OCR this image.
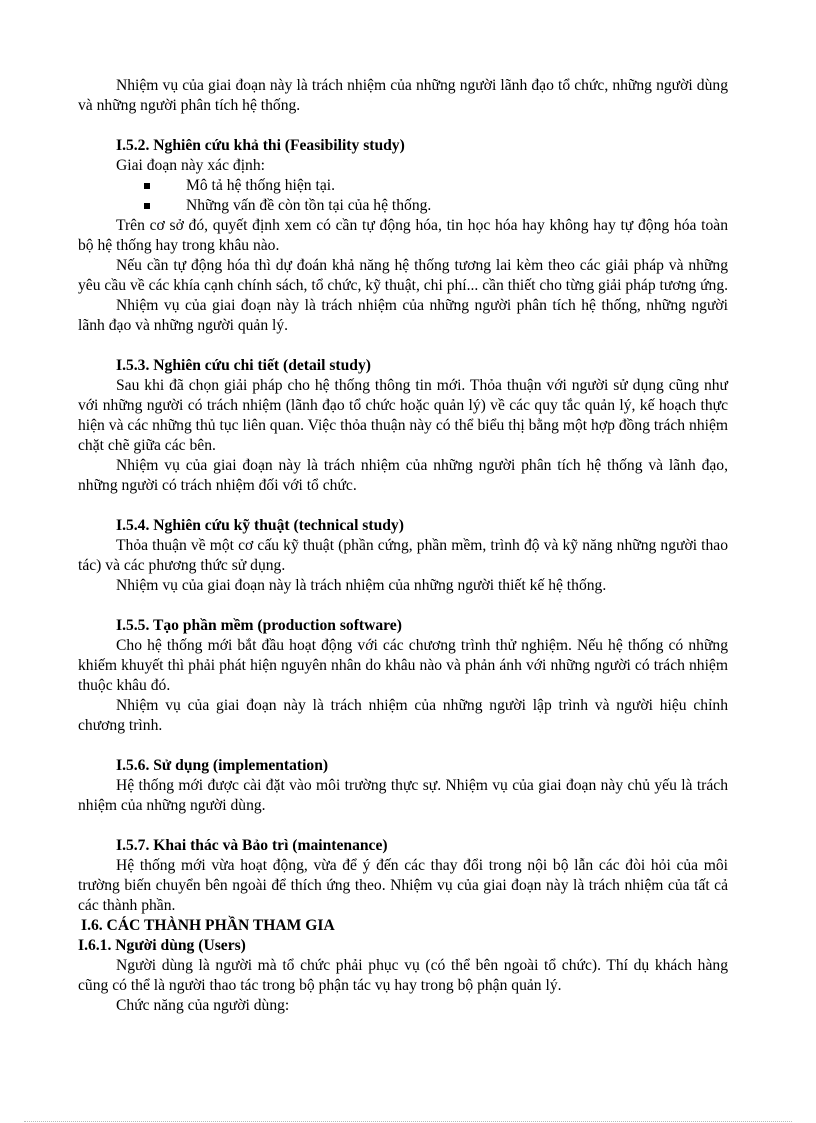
Nhiệm vụ của giai đoạn này là trách nhiệm của những người lãnh đạo tổ chức, những người dùng và những người phân tích hệ thống.

I.5.2. Nghiên cứu khả thi (Feasibility study)

Giai đoạn này xác định:

Mô tả hệ thống hiện tại.
Những vấn đề còn tồn tại của hệ thống.

Trên cơ sở đó, quyết định xem có cần tự động hóa, tin học hóa hay không hay tự động hóa toàn bộ hệ thống hay trong khâu nào.

Nếu cần tự động hóa thì dự đoán khả năng hệ thống tương lai kèm theo các giải pháp và những yêu cầu về các khía cạnh chính sách, tổ chức, kỹ thuật, chi phí... cần thiết cho từng giải pháp tương ứng.

Nhiệm vụ của giai đoạn này là trách nhiệm của những người phân tích hệ thống, những người lãnh đạo và những người quản lý.

I.5.3. Nghiên cứu chi tiết (detail study)

Sau khi đã chọn giải pháp cho hệ thống thông tin mới. Thỏa thuận với người sử dụng cũng như với những người có trách nhiệm (lãnh đạo tổ chức hoặc quản lý) về các quy tắc quản lý, kế hoạch thực hiện và các những thủ tục liên quan. Việc thỏa thuận này có thể biểu thị bằng một hợp đồng trách nhiệm chặt chẽ giữa các bên.

Nhiệm vụ của giai đoạn này là trách nhiệm của những người phân tích hệ thống và lãnh đạo, những người có trách nhiệm đối với tổ chức.

I.5.4. Nghiên cứu kỹ thuật (technical study)

Thỏa thuận về một cơ cấu kỹ thuật (phần cứng, phần mềm, trình độ và kỹ năng những người thao tác) và các phương thức sử dụng.

Nhiệm vụ của giai đoạn này là trách nhiệm của những người thiết kế hệ thống.

I.5.5. Tạo phần mềm (production software)

Cho hệ thống mới bắt đầu hoạt động với các chương trình thử nghiệm. Nếu hệ thống có những khiếm khuyết thì phải phát hiện nguyên nhân do khâu nào và phản ánh với những người có trách nhiệm thuộc khâu đó.

Nhiệm vụ của giai đoạn này là trách nhiệm của những người lập trình và người hiệu chỉnh chương trình.

I.5.6. Sử dụng (implementation)

Hệ thống mới được cài đặt vào môi trường thực sự. Nhiệm vụ của giai đoạn này chủ yếu là trách nhiệm của những người dùng.

I.5.7. Khai thác và Bảo trì (maintenance)

Hệ thống mới vừa hoạt động, vừa để ý đến các thay đổi trong nội bộ lẫn các đòi hỏi của môi trường biến chuyển bên ngoài để thích ứng theo. Nhiệm vụ của giai đoạn này là trách nhiệm của tất cả các thành phần.

I.6. CÁC THÀNH PHẦN THAM GIA
I.6.1. Người dùng (Users)

Người dùng là người mà tổ chức phải phục vụ (có thể bên ngoài tổ chức). Thí dụ khách hàng cũng có thể là người thao tác trong bộ phận tác vụ hay trong bộ phận quản lý.

Chức năng của người dùng:
